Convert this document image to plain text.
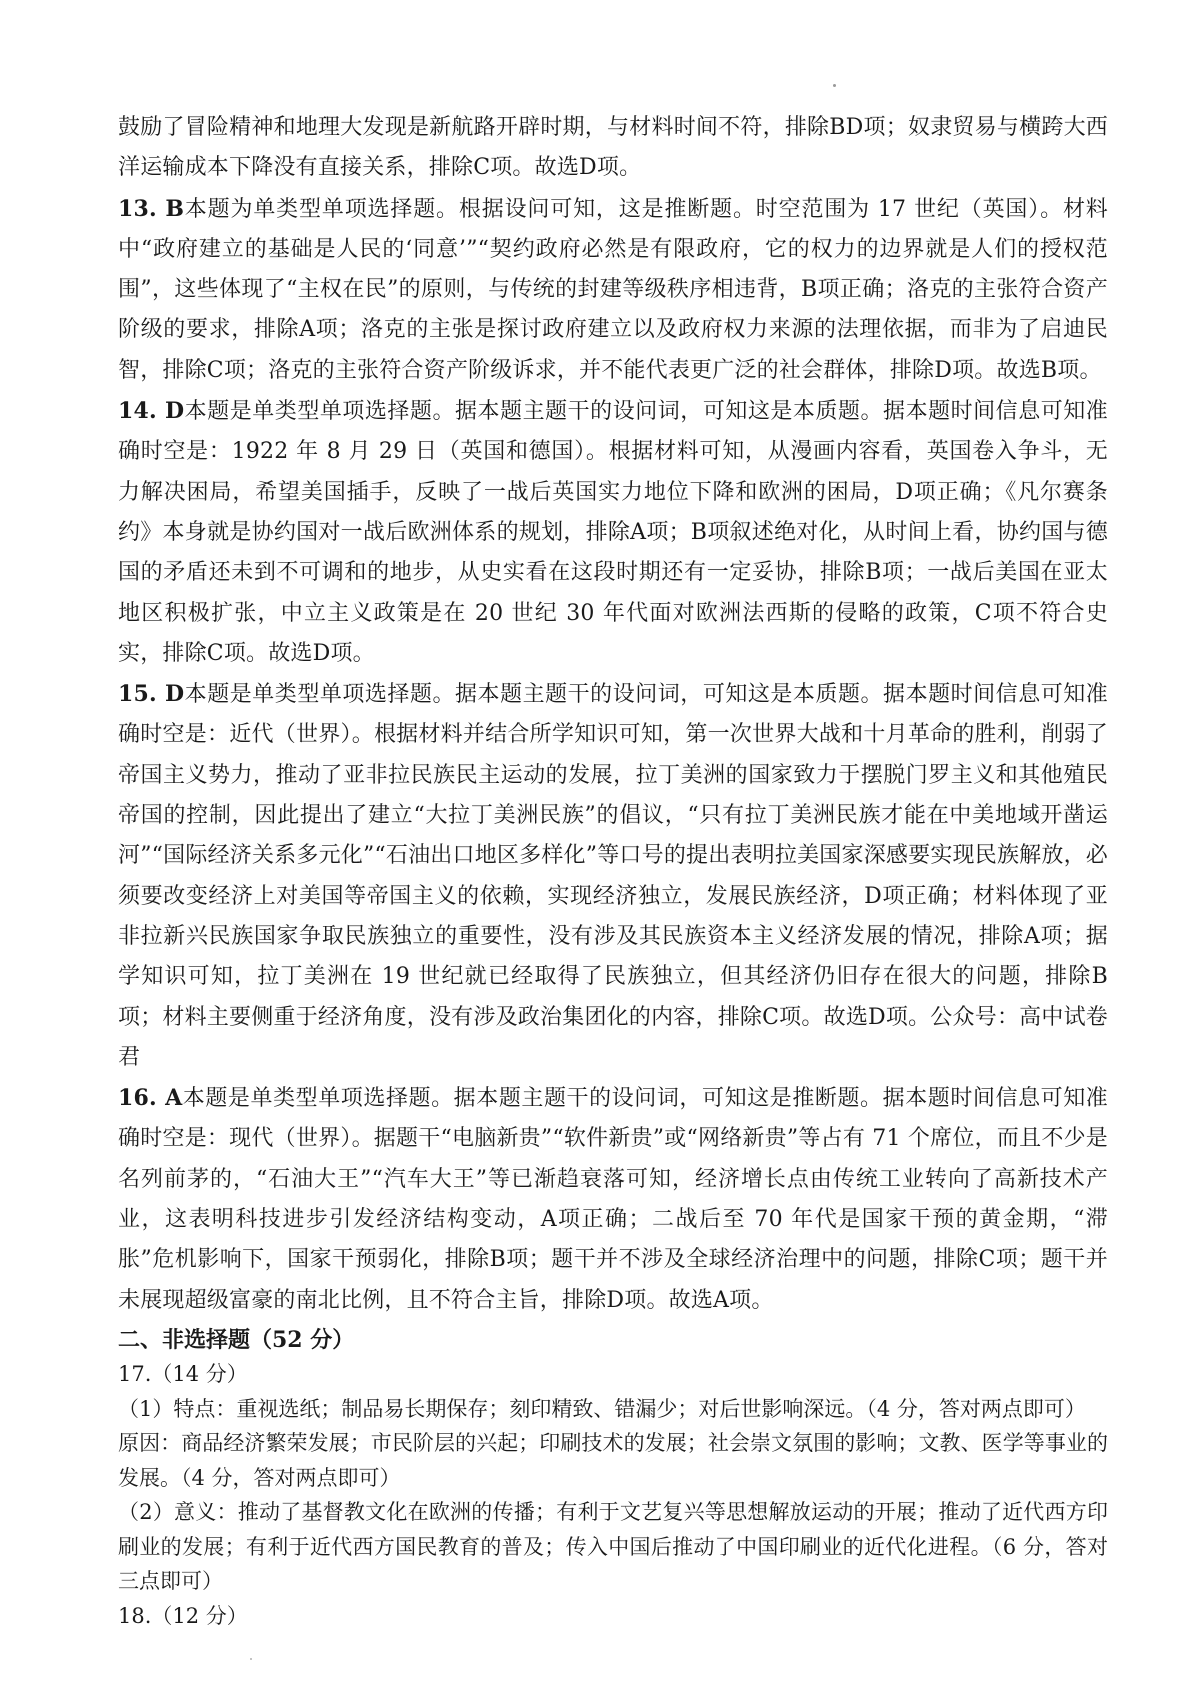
鼓励了冒险精神和地理大发现是新航路开辟时期，与材料时间不符，排除BD项；奴隶贸易与横跨大西洋运输成本下降没有直接关系，排除C项。故选D项。
13. B本题为单类型单项选择题。根据设问可知，这是推断题。时空范围为 17 世纪（英国）。材料中“政府建立的基础是人民的‘同意’”“契约政府必然是有限政府，它的权力的边界就是人们的授权范围”，这些体现了“主权在民”的原则，与传统的封建等级秩序相违背，B项正确；洛克的主张符合资产阶级的要求，排除A项；洛克的主张是探讨政府建立以及政府权力来源的法理依据，而非为了启迪民智，排除C项；洛克的主张符合资产阶级诉求，并不能代表更广泛的社会群体，排除D项。故选B项。
14. D本题是单类型单项选择题。据本题主题干的设问词，可知这是本质题。据本题时间信息可知准确时空是：1922 年 8 月 29 日（英国和德国）。根据材料可知，从漫画内容看，英国卷入争斗，无力解决困局，希望美国插手，反映了一战后英国实力地位下降和欧洲的困局，D项正确；《凡尔赛条约》本身就是协约国对一战后欧洲体系的规划，排除A项；B项叙述绝对化，从时间上看，协约国与德国的矛盾还未到不可调和的地步，从史实看在这段时期还有一定妥协，排除B项；一战后美国在亚太地区积极扩张，中立主义政策是在 20 世纪 30 年代面对欧洲法西斯的侵略的政策，C项不符合史实，排除C项。故选D项。
15. D本题是单类型单项选择题。据本题主题干的设问词，可知这是本质题。据本题时间信息可知准确时空是：近代（世界）。根据材料并结合所学知识可知，第一次世界大战和十月革命的胜利，削弱了帝国主义势力，推动了亚非拉民族民主运动的发展，拉丁美洲的国家致力于摆脱门罗主义和其他殖民帝国的控制，因此提出了建立“大拉丁美洲民族”的倡议，“只有拉丁美洲民族才能在中美地域开凿运河”“国际经济关系多元化”“石油出口地区多样化”等口号的提出表明拉美国家深感要实现民族解放，必须要改变经济上对美国等帝国主义的依赖，实现经济独立，发展民族经济，D项正确；材料体现了亚非拉新兴民族国家争取民族独立的重要性，没有涉及其民族资本主义经济发展的情况，排除A项；据学知识可知，拉丁美洲在 19 世纪就已经取得了民族独立，但其经济仍旧存在很大的问题，排除B项；材料主要侧重于经济角度，没有涉及政治集团化的内容，排除C项。故选D项。公众号：高中试卷君
16. A本题是单类型单项选择题。据本题主题干的设问词，可知这是推断题。据本题时间信息可知准确时空是：现代（世界）。据题干“电脑新贵”“软件新贵”或“网络新贵”等占有 71 个席位，而且不少是名列前茅的，“石油大王”“汽车大王”等已渐趋衰落可知，经济增长点由传统工业转向了高新技术产业，这表明科技进步引发经济结构变动，A项正确；二战后至 70 年代是国家干预的黄金期，“滞胀”危机影响下，国家干预弱化，排除B项；题干并不涉及全球经济治理中的问题，排除C项；题干并未展现超级富豪的南北比例，且不符合主旨，排除D项。故选A项。
二、非选择题（52 分）
17.（14 分）
（1）特点：重视选纸；制品易长期保存；刻印精致、错漏少；对后世影响深远。（4 分，答对两点即可）
原因：商品经济繁荣发展；市民阶层的兴起；印刷技术的发展；社会崇文氛围的影响；文教、医学等事业的发展。（4 分，答对两点即可）
（2）意义：推动了基督教文化在欧洲的传播；有利于文艺复兴等思想解放运动的开展；推动了近代西方印刷业的发展；有利于近代西方国民教育的普及；传入中国后推动了中国印刷业的近代化进程。（6 分，答对三点即可）
18.（12 分）
